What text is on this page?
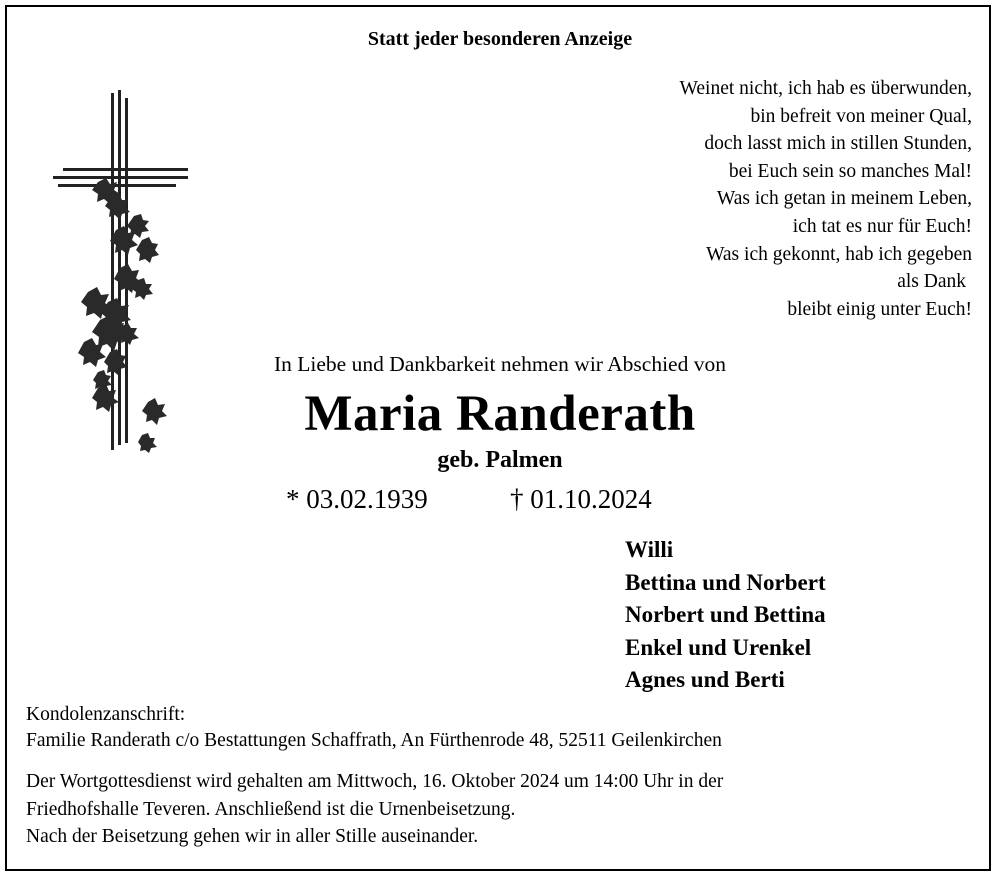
Statt jeder besonderen Anzeige
Weinet nicht, ich hab es überwunden,
bin befreit von meiner Qual,
doch lasst mich in stillen Stunden,
bei Euch sein so manches Mal!
Was ich getan in meinem Leben,
ich tat es nur für Euch!
Was ich gekonnt, hab ich gegeben
als Dank
bleibt einig unter Euch!
In Liebe und Dankbarkeit nehmen wir Abschied von
Maria Randerath
geb. Palmen
* 03.02.1939	† 01.10.2024
Willi
Bettina und Norbert
Norbert und Bettina
Enkel und Urenkel
Agnes und Berti
Kondolenzanschrift:
Familie Randerath c/o Bestattungen Schaffrath, An Fürthenrode 48, 52511 Geilenkirchen
Der Wortgottesdienst wird gehalten am Mittwoch, 16. Oktober 2024 um 14:00 Uhr in der
Friedhofshalle Teveren. Anschließend ist die Urnenbeisetzung.
Nach der Beisetzung gehen wir in aller Stille auseinander.
